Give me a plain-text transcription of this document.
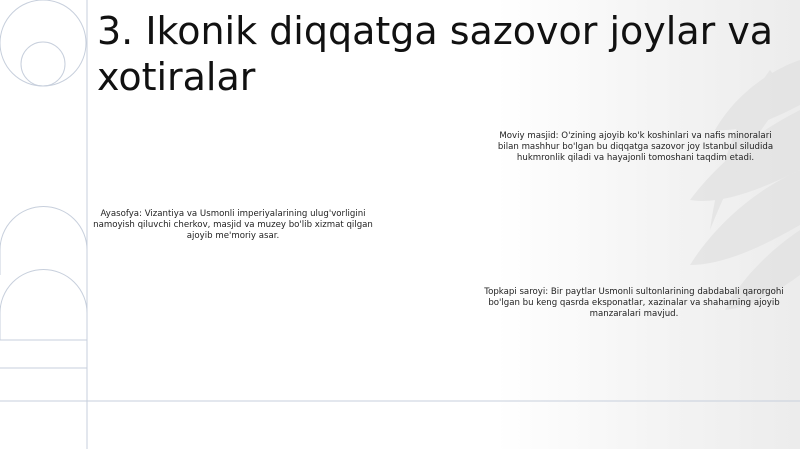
3. Ikonik diqqatga sazovor joylar va xotiralar

Moviy masjid: O'zining ajoyib ko'k koshinlari va nafis minoralari bilan mashhur bo'lgan bu diqqatga sazovor joy Istanbul siludida hukmronlik qiladi va hayajonli tomoshani taqdim etadi.

Ayasofya: Vizantiya va Usmonli imperiyalarining ulug'vorligini namoyish qiluvchi cherkov, masjid va muzey bo'lib xizmat qilgan ajoyib me'moriy asar.

Topkapi saroyi: Bir paytlar Usmonli sultonlarining dabdabali qarorgohi bo'lgan bu keng qasrda eksponatlar, xazinalar va shaharning ajoyib manzaralari mavjud.
